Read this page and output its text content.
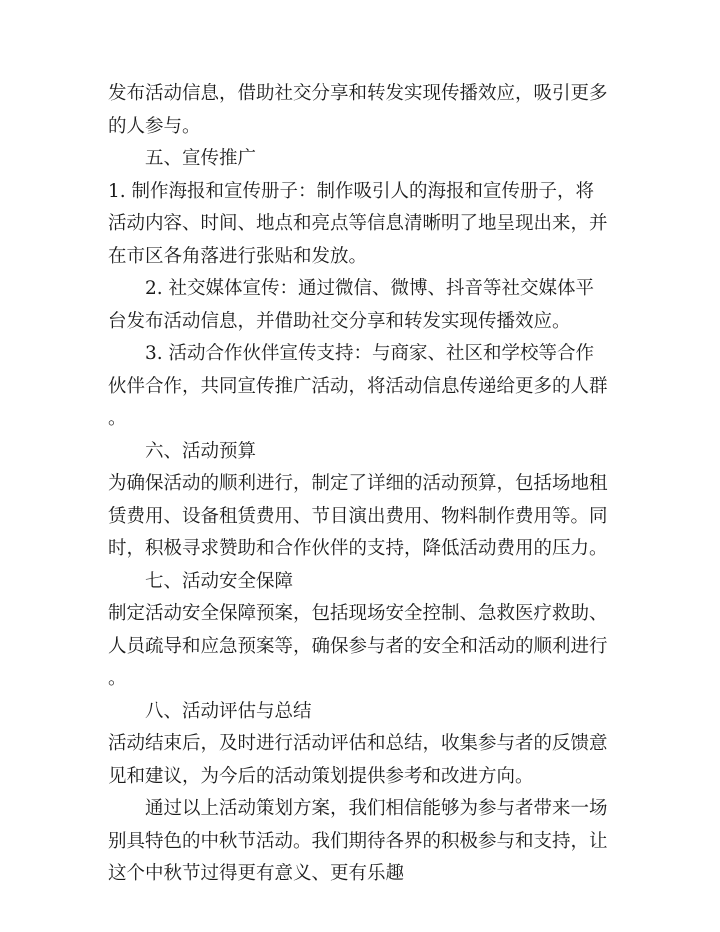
发布活动信息，借助社交分享和转发实现传播效应，吸引更多
的人参与。
五、宣传推广
1. 制作海报和宣传册子：制作吸引人的海报和宣传册子，将
活动内容、时间、地点和亮点等信息清晰明了地呈现出来，并
在市区各角落进行张贴和发放。
2. 社交媒体宣传：通过微信、微博、抖音等社交媒体平
台发布活动信息，并借助社交分享和转发实现传播效应。
3. 活动合作伙伴宣传支持：与商家、社区和学校等合作
伙伴合作，共同宣传推广活动，将活动信息传递给更多的人群
。
六、活动预算
为确保活动的顺利进行，制定了详细的活动预算，包括场地租
赁费用、设备租赁费用、节目演出费用、物料制作费用等。同
时，积极寻求赞助和合作伙伴的支持，降低活动费用的压力。
七、活动安全保障
制定活动安全保障预案，包括现场安全控制、急救医疗救助、
人员疏导和应急预案等，确保参与者的安全和活动的顺利进行
。
八、活动评估与总结
活动结束后，及时进行活动评估和总结，收集参与者的反馈意
见和建议，为今后的活动策划提供参考和改进方向。
通过以上活动策划方案，我们相信能够为参与者带来一场
别具特色的中秋节活动。我们期待各界的积极参与和支持，让
这个中秋节过得更有意义、更有乐趣
